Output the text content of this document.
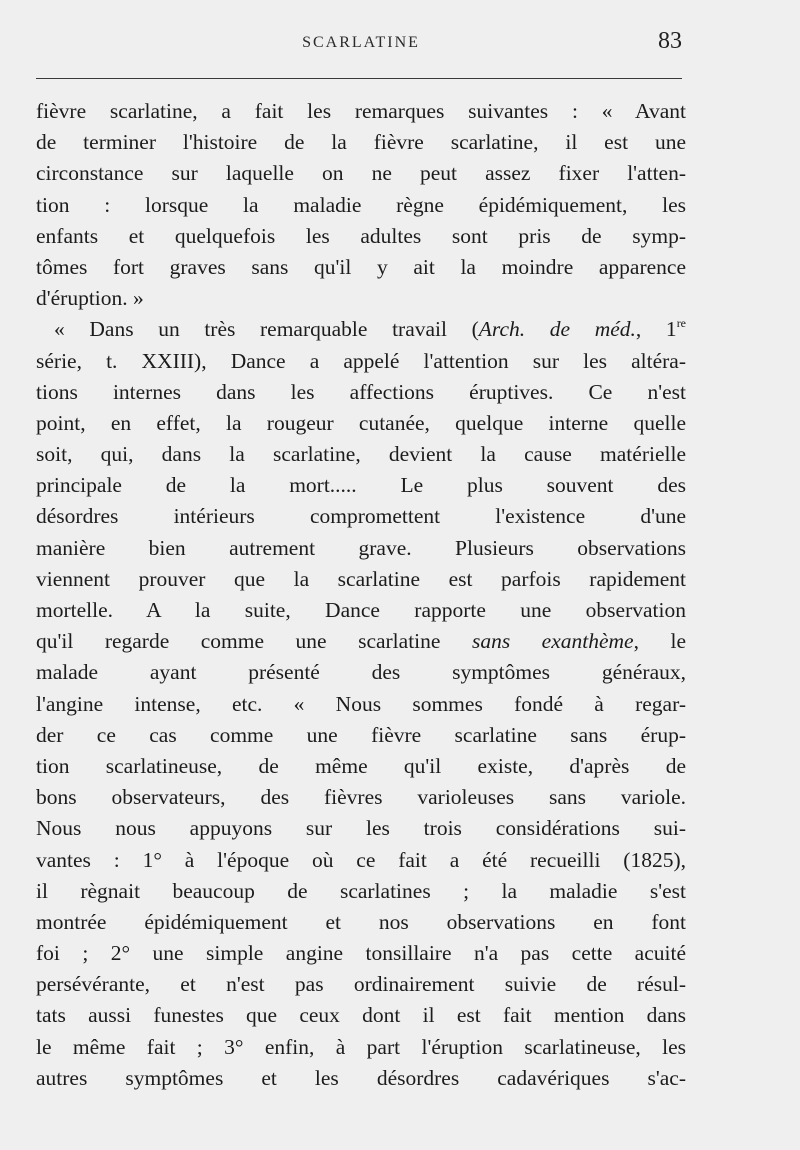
SCARLATINE	83
fièvre scarlatine, a fait les remarques suivantes : « Avant
de terminer l'histoire de la fièvre scarlatine, il est une
circonstance sur laquelle on ne peut assez fixer l'atten-
tion : lorsque la maladie règne épidémiquement, les
enfants et quelquefois les adultes sont pris de symp-
tômes fort graves sans qu'il y ait la moindre apparence
d'éruption. »
« Dans un très remarquable travail (Arch. de méd., 1re
série, t. XXIII), Dance a appelé l'attention sur les altéra-
tions internes dans les affections éruptives. Ce n'est
point, en effet, la rougeur cutanée, quelque interne quelle
soit, qui, dans la scarlatine, devient la cause matérielle
principale de la mort..... Le plus souvent des
désordres intérieurs compromettent l'existence d'une
manière bien autrement grave. Plusieurs observations
viennent prouver que la scarlatine est parfois rapidement
mortelle. A la suite, Dance rapporte une observation
qu'il regarde comme une scarlatine sans exanthème, le
malade ayant présenté des symptômes généraux,
l'angine intense, etc. « Nous sommes fondé à regar-
der ce cas comme une fièvre scarlatine sans érup-
tion scarlatineuse, de même qu'il existe, d'après de
bons observateurs, des fièvres varioleuses sans variole.
Nous nous appuyons sur les trois considérations sui-
vantes : 1° à l'époque où ce fait a été recueilli (1825),
il règnait beaucoup de scarlatines ; la maladie s'est
montrée épidémiquement et nos observations en font
foi ; 2° une simple angine tonsillaire n'a pas cette acuité
persévérante, et n'est pas ordinairement suivie de résul-
tats aussi funestes que ceux dont il est fait mention dans
le même fait ; 3° enfin, à part l'éruption scarlatineuse, les
autres symptômes et les désordres cadavériques s'ac-
